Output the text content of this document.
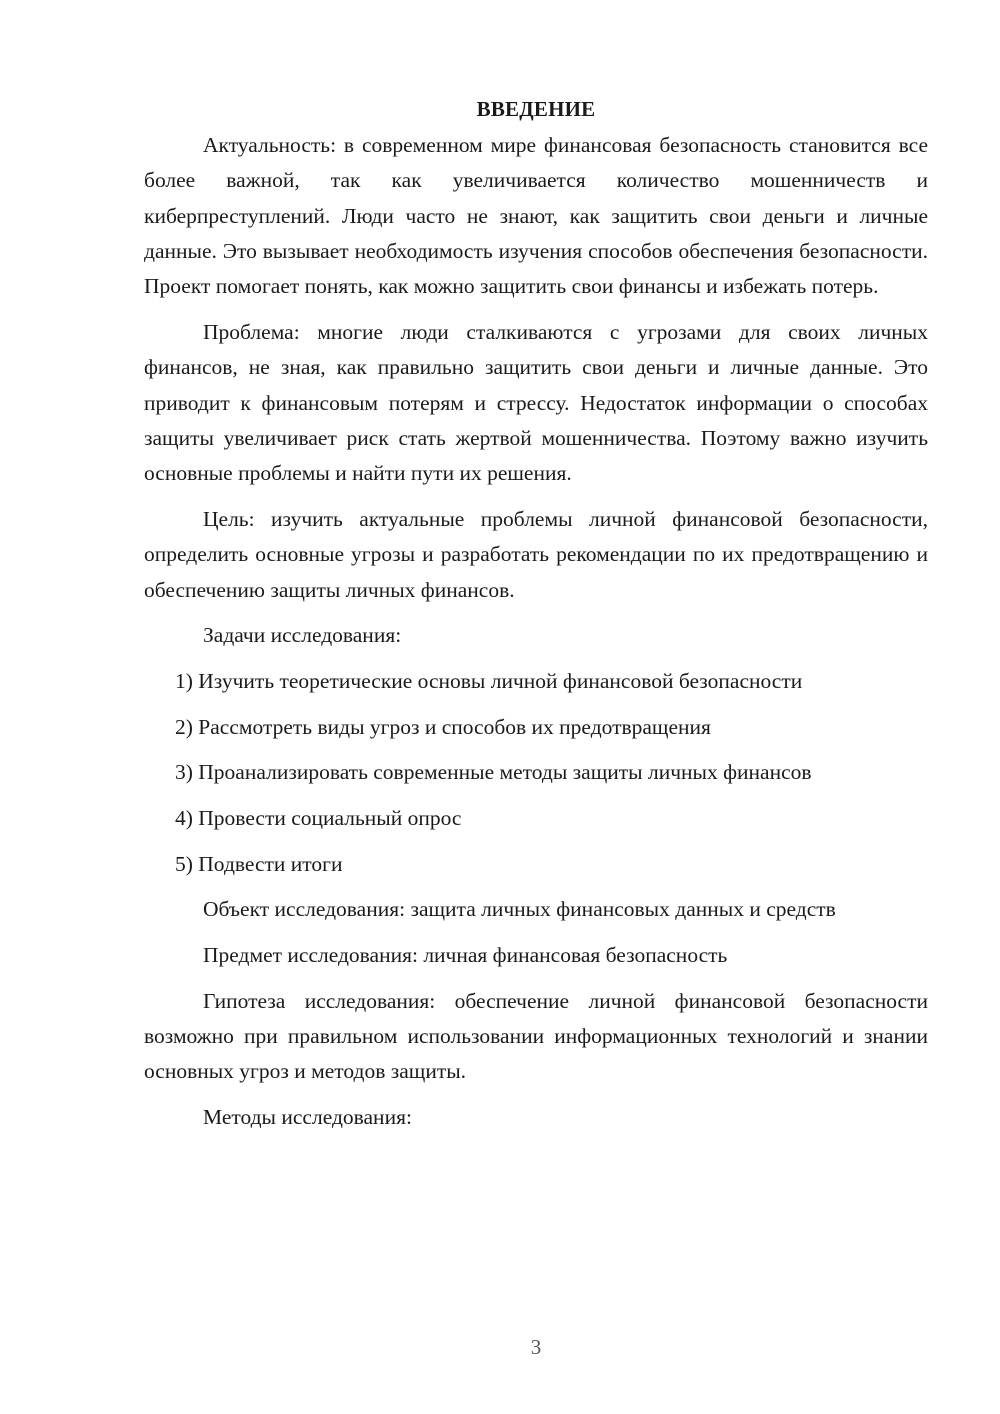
ВВЕДЕНИЕ

Актуальность: в современном мире финансовая безопасность становится все более важной, так как увеличивается количество мошенничеств и киберпреступлений. Люди часто не знают, как защитить свои деньги и личные данные. Это вызывает необходимость изучения способов обеспечения безопасности. Проект помогает понять, как можно защитить свои финансы и избежать потерь.

Проблема: многие люди сталкиваются с угрозами для своих личных финансов, не зная, как правильно защитить свои деньги и личные данные. Это приводит к финансовым потерям и стрессу. Недостаток информации о способах защиты увеличивает риск стать жертвой мошенничества. Поэтому важно изучить основные проблемы и найти пути их решения.

Цель: изучить актуальные проблемы личной финансовой безопасности, определить основные угрозы и разработать рекомендации по их предотвращению и обеспечению защиты личных финансов.

Задачи исследования:

1) Изучить теоретические основы личной финансовой безопасности
2) Рассмотреть виды угроз и способов их предотвращения
3) Проанализировать современные методы защиты личных финансов
4) Провести социальный опрос
5) Подвести итоги

Объект исследования: защита личных финансовых данных и средств

Предмет исследования: личная финансовая безопасность

Гипотеза исследования: обеспечение личной финансовой безопасности возможно при правильном использовании информационных технологий и знании основных угроз и методов защиты.

Методы исследования:

3
